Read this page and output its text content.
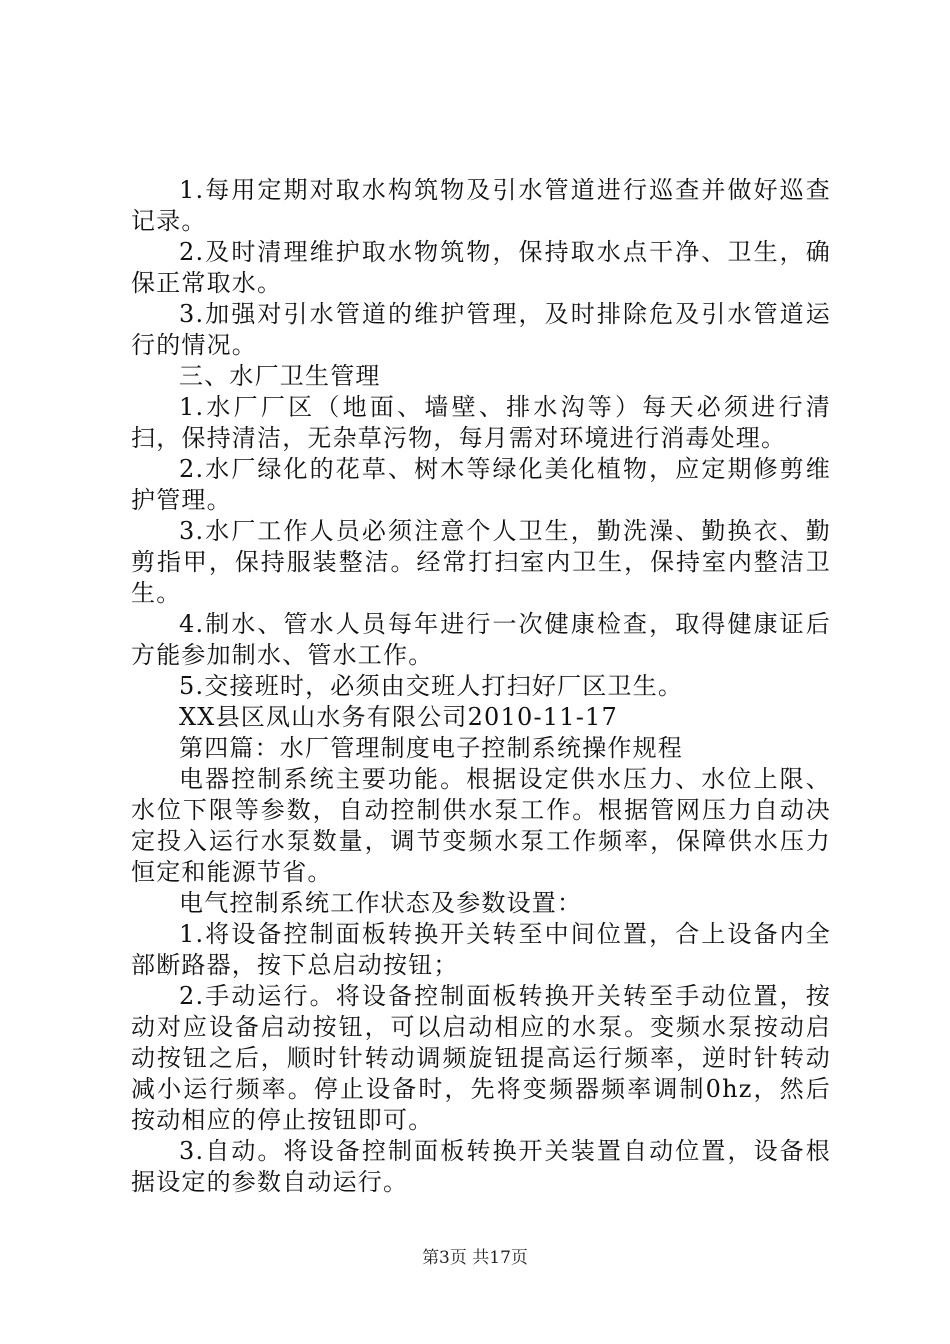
1.每用定期对取水构筑物及引水管道进行巡查并做好巡查记录。

2.及时清理维护取水物筑物，保持取水点干净、卫生，确保正常取水。

3.加强对引水管道的维护管理，及时排除危及引水管道运行的情况。

三、水厂卫生管理

1.水厂厂区（地面、墙壁、排水沟等）每天必须进行清扫，保持清洁，无杂草污物，每月需对环境进行消毒处理。

2.水厂绿化的花草、树木等绿化美化植物，应定期修剪维护管理。

3.水厂工作人员必须注意个人卫生，勤洗澡、勤换衣、勤剪指甲，保持服装整洁。经常打扫室内卫生，保持室内整洁卫生。

4.制水、管水人员每年进行一次健康检查，取得健康证后方能参加制水、管水工作。

5.交接班时，必须由交班人打扫好厂区卫生。

XX县区凤山水务有限公司2010-11-17

第四篇：水厂管理制度电子控制系统操作规程

电器控制系统主要功能。根据设定供水压力、水位上限、水位下限等参数，自动控制供水泵工作。根据管网压力自动决定投入运行水泵数量，调节变频水泵工作频率，保障供水压力恒定和能源节省。

电气控制系统工作状态及参数设置：

1.将设备控制面板转换开关转至中间位置，合上设备内全部断路器，按下总启动按钮；

2.手动运行。将设备控制面板转换开关转至手动位置，按动对应设备启动按钮，可以启动相应的水泵。变频水泵按动启动按钮之后，顺时针转动调频旋钮提高运行频率，逆时针转动减小运行频率。停止设备时，先将变频器频率调制0hz，然后按动相应的停止按钮即可。

3.自动。将设备控制面板转换开关装置自动位置，设备根据设定的参数自动运行。

第3页 共17页
